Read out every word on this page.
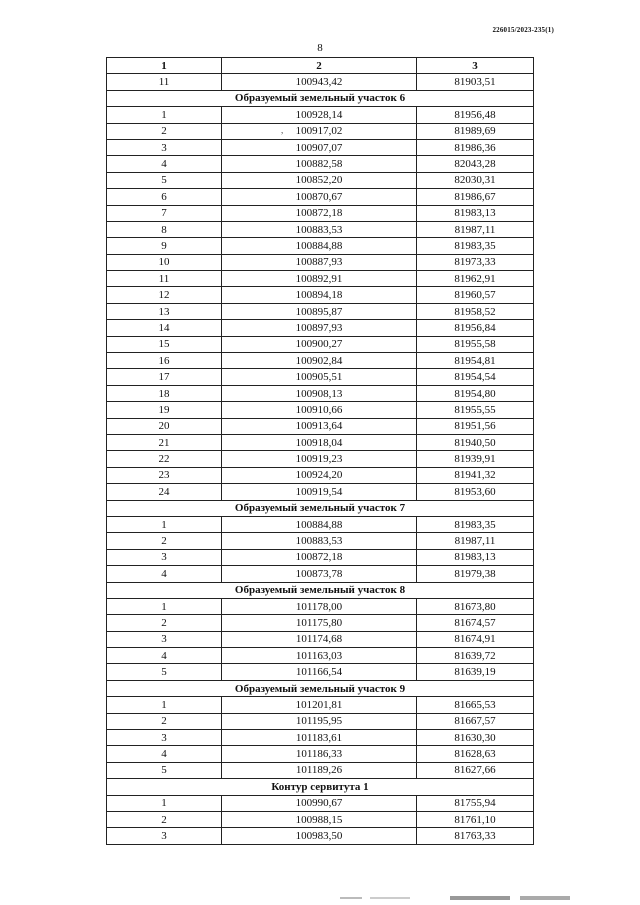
226015/2023-235(1)
8
,
1	2	3
11	100943,42	81903,51
Образуемый земельный участок 6		
1	100928,14	81956,48
2	100917,02	81989,69
3	100907,07	81986,36
4	100882,58	82043,28
5	100852,20	82030,31
6	100870,67	81986,67
7	100872,18	81983,13
8	100883,53	81987,11
9	100884,88	81983,35
10	100887,93	81973,33
11	100892,91	81962,91
12	100894,18	81960,57
13	100895,87	81958,52
14	100897,93	81956,84
15	100900,27	81955,58
16	100902,84	81954,81
17	100905,51	81954,54
18	100908,13	81954,80
19	100910,66	81955,55
20	100913,64	81951,56
21	100918,04	81940,50
22	100919,23	81939,91
23	100924,20	81941,32
24	100919,54	81953,60
Образуемый земельный участок 7		
1	100884,88	81983,35
2	100883,53	81987,11
3	100872,18	81983,13
4	100873,78	81979,38
Образуемый земельный участок 8		
1	101178,00	81673,80
2	101175,80	81674,57
3	101174,68	81674,91
4	101163,03	81639,72
5	101166,54	81639,19
Образуемый земельный участок 9		
1	101201,81	81665,53
2	101195,95	81667,57
3	101183,61	81630,30
4	101186,33	81628,63
5	101189,26	81627,66
Контур сервитута 1		
1	100990,67	81755,94
2	100988,15	81761,10
3	100983,50	81763,33
